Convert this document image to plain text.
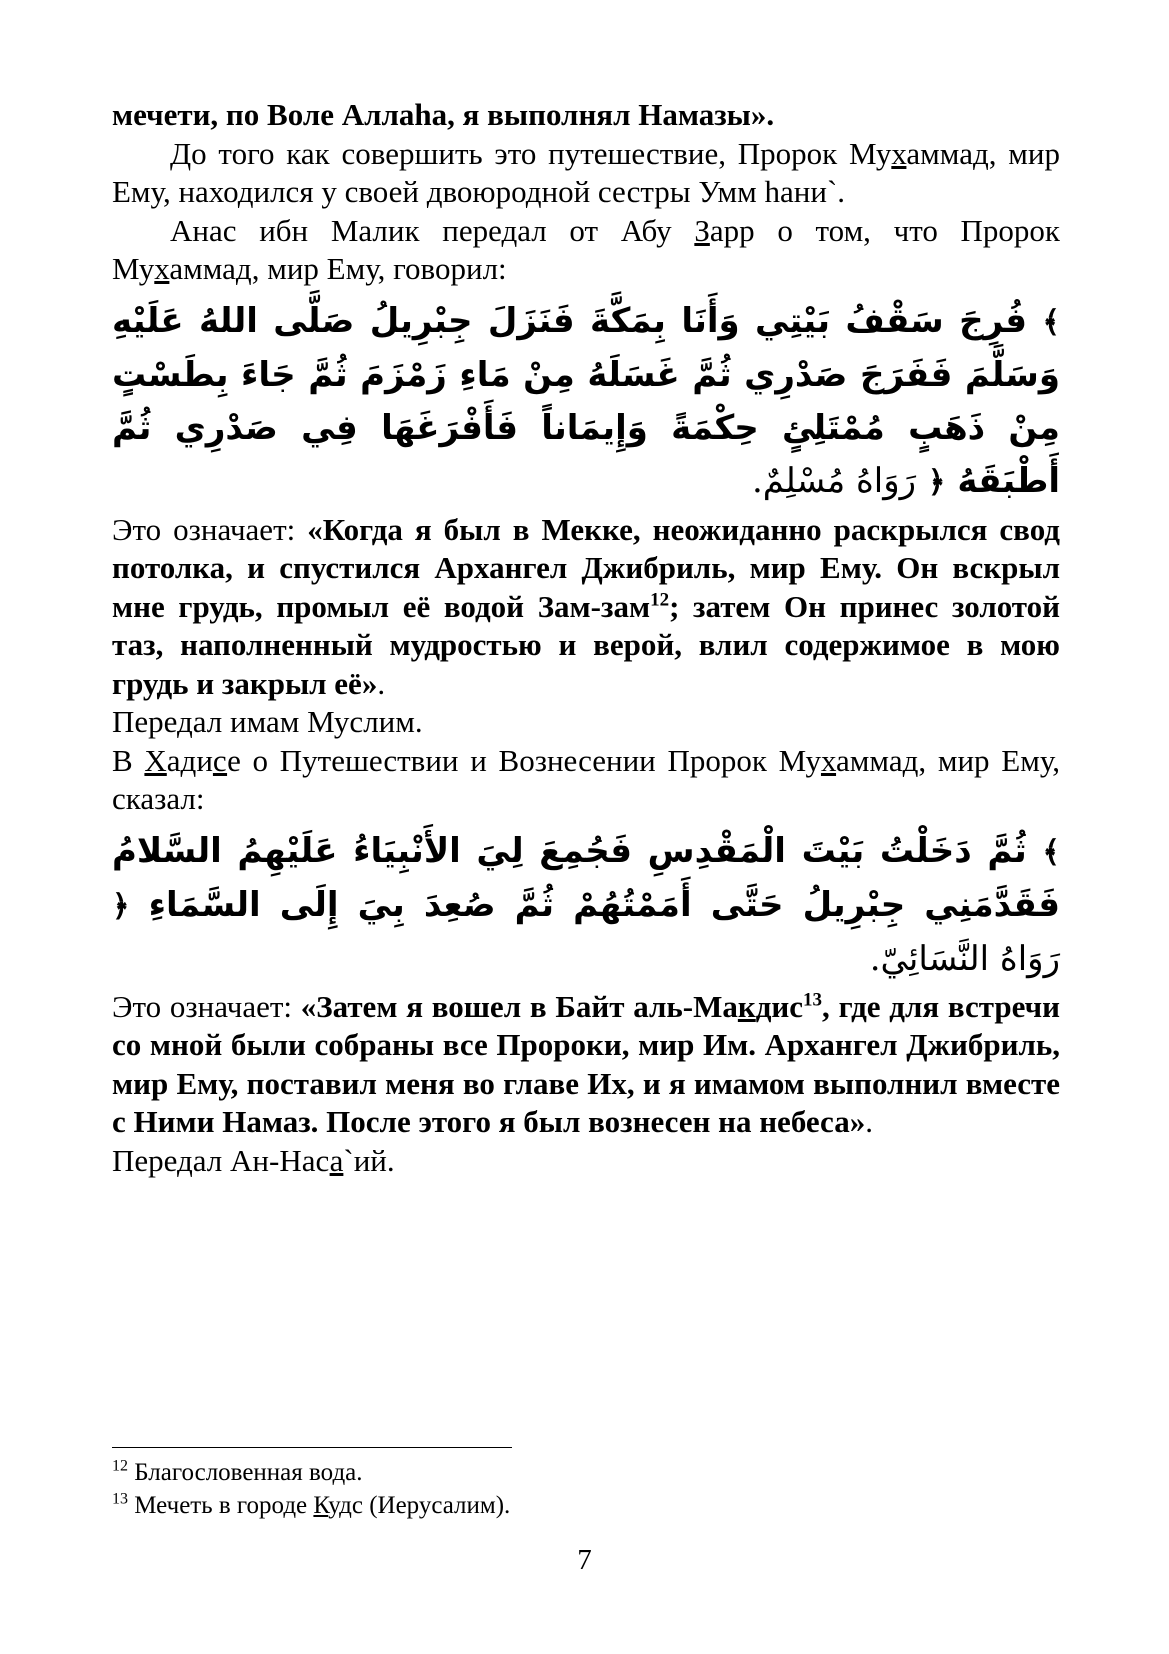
мечети, по Воле Аллаhа, я выполнял Намазы».

До того как совершить это путешествие, Пророк Мухаммад, мир Ему, находился у своей двоюродной сестры Умм hани`.

Анас ибн Малик передал от Абу Зарр о том, что Пророк Мухаммад, мир Ему, говорил:

﴾ فُرِجَ سَقْفُ بَيْتِي وَأَنَا بِمَكَّةَ فَنَزَلَ جِبْرِيلُ صَلَّى اللهُ عَلَيْهِ وَسَلَّمَ فَفَرَجَ صَدْرِي ثُمَّ غَسَلَهُ مِنْ مَاءِ زَمْزَمَ ثُمَّ جَاءَ بِطَسْتٍ مِنْ ذَهَبٍ مُمْتَلِئٍ حِكْمَةً وَإِيمَاناً فَأَفْرَغَهَا فِي صَدْرِي ثُمَّ أَطْبَقَهُ ﴿ رَوَاهُ مُسْلِمٌ.

Это означает: «Когда я был в Мекке, неожиданно раскрылся свод потолка, и спустился Архангел Джибриль, мир Ему. Он вскрыл мне грудь, промыл её водой Зам-зам$^{12}$; затем Он принес золотой таз, наполненный мудростью и верой, влил содержимое в мою грудь и закрыл её».

Передал имам Муслим.

В Хадисе о Путешествии и Вознесении Пророк Мухаммад, мир Ему, сказал:

﴾ ثُمَّ دَخَلْتُ بَيْتَ الْمَقْدِسِ فَجُمِعَ لِيَ الأَنْبِيَاءُ عَلَيْهِمُ السَّلامُ فَقَدَّمَنِي جِبْرِيلُ حَتَّى أَمَمْتُهُمْ ثُمَّ صُعِدَ بِيَ إِلَى السَّمَاءِ ﴿ رَوَاهُ النَّسَائِيّ.

Это означает: «Затем я вошел в Байт аль-Макдис$^{13}$, где для встречи со мной были собраны все Пророки, мир Им. Архангел Джибриль, мир Ему, поставил меня во главе Их, и я имамом выполнил вместе с Ними Намаз. После этого я был вознесен на небеса».

Передал Ан-Наса`ий.

$^{12}$ Благословенная вода.
$^{13}$ Мечеть в городе Кудс (Иерусалим).
7
